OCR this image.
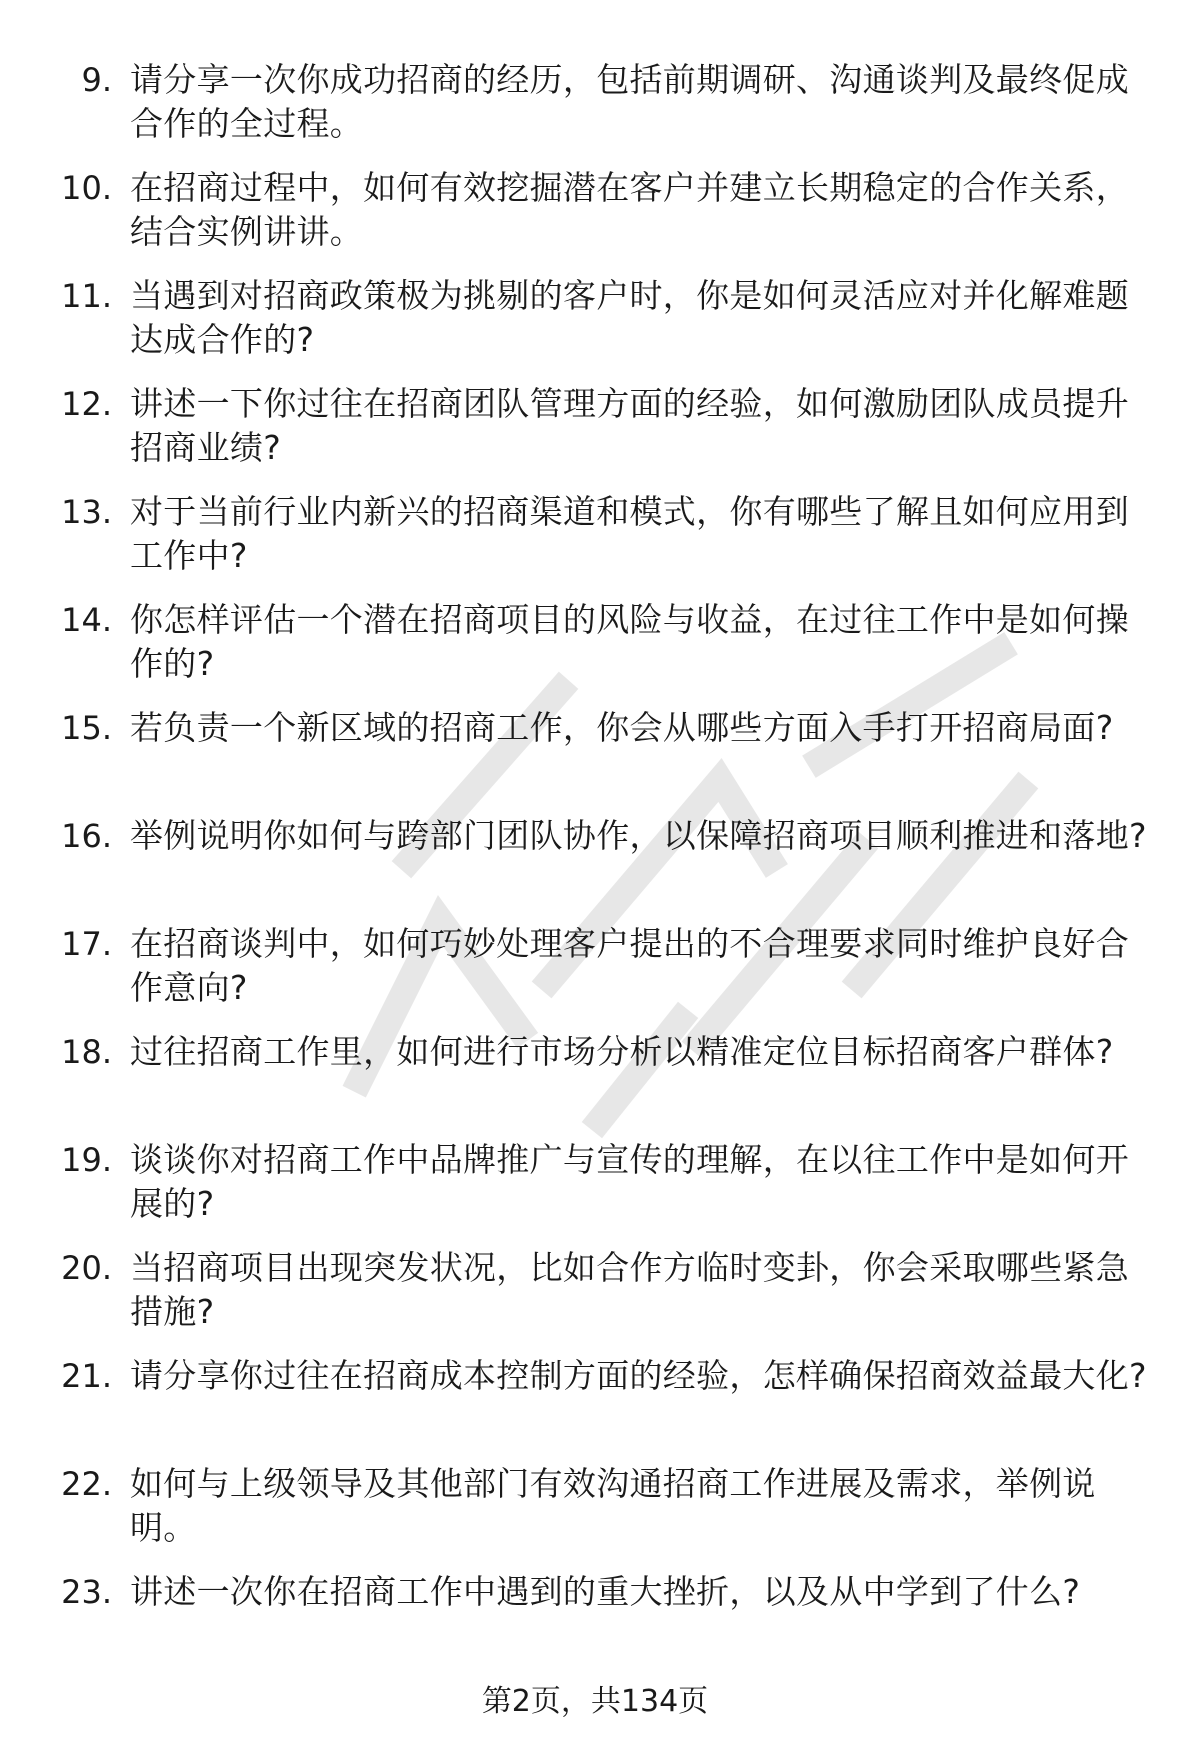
9. 请分享一次你成功招商的经历，包括前期调研、沟通谈判及最终促成合作的全过程。
10. 在招商过程中，如何有效挖掘潜在客户并建立长期稳定的合作关系，结合实例讲讲。
11. 当遇到对招商政策极为挑剔的客户时，你是如何灵活应对并化解难题达成合作的?
12. 讲述一下你过往在招商团队管理方面的经验，如何激励团队成员提升招商业绩?
13. 对于当前行业内新兴的招商渠道和模式，你有哪些了解且如何应用到工作中?
14. 你怎样评估一个潜在招商项目的风险与收益，在过往工作中是如何操作的?
15. 若负责一个新区域的招商工作，你会从哪些方面入手打开招商局面?
16. 举例说明你如何与跨部门团队协作，以保障招商项目顺利推进和落地?
17. 在招商谈判中，如何巧妙处理客户提出的不合理要求同时维护良好合作意向?
18. 过往招商工作里，如何进行市场分析以精准定位目标招商客户群体?
19. 谈谈你对招商工作中品牌推广与宣传的理解，在以往工作中是如何开展的?
20. 当招商项目出现突发状况，比如合作方临时变卦，你会采取哪些紧急措施?
21. 请分享你过往在招商成本控制方面的经验，怎样确保招商效益最大化?
22. 如何与上级领导及其他部门有效沟通招商工作进展及需求，举例说明。
23. 讲述一次你在招商工作中遇到的重大挫折，以及从中学到了什么?
第2页，共134页
